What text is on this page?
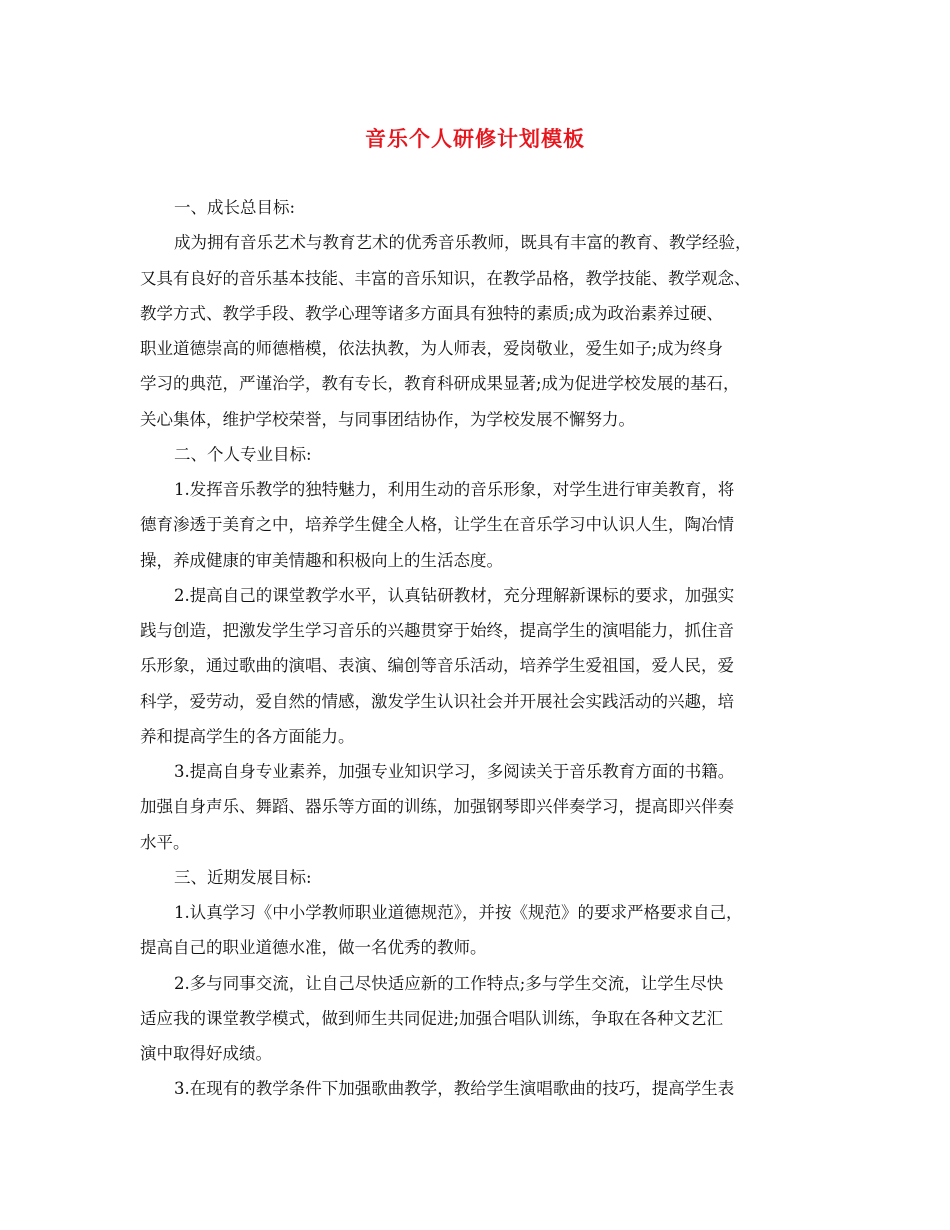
音乐个人研修计划模板
一、成长总目标:
成为拥有音乐艺术与教育艺术的优秀音乐教师，既具有丰富的教育、教学经验，
又具有良好的音乐基本技能、丰富的音乐知识，在教学品格，教学技能、教学观念、
教学方式、教学手段、教学心理等诸多方面具有独特的素质;成为政治素养过硬、
职业道德崇高的师德楷模，依法执教，为人师表，爱岗敬业，爱生如子;成为终身
学习的典范，严谨治学，教有专长，教育科研成果显著;成为促进学校发展的基石，
关心集体，维护学校荣誉，与同事团结协作，为学校发展不懈努力。
二、个人专业目标:
1.发挥音乐教学的独特魅力，利用生动的音乐形象，对学生进行审美教育，将
德育渗透于美育之中，培养学生健全人格，让学生在音乐学习中认识人生，陶冶情
操，养成健康的审美情趣和积极向上的生活态度。
2.提高自己的课堂教学水平，认真钻研教材，充分理解新课标的要求，加强实
践与创造，把激发学生学习音乐的兴趣贯穿于始终，提高学生的演唱能力，抓住音
乐形象，通过歌曲的演唱、表演、编创等音乐活动，培养学生爱祖国，爱人民，爱
科学，爱劳动，爱自然的情感，激发学生认识社会并开展社会实践活动的兴趣，培
养和提高学生的各方面能力。
3.提高自身专业素养，加强专业知识学习，多阅读关于音乐教育方面的书籍。
加强自身声乐、舞蹈、器乐等方面的训练，加强钢琴即兴伴奏学习，提高即兴伴奏
水平。
三、近期发展目标:
1.认真学习《中小学教师职业道德规范》，并按《规范》的要求严格要求自己，
提高自己的职业道德水准，做一名优秀的教师。
2.多与同事交流，让自己尽快适应新的工作特点;多与学生交流，让学生尽快
适应我的课堂教学模式，做到师生共同促进;加强合唱队训练，争取在各种文艺汇
演中取得好成绩。
3.在现有的教学条件下加强歌曲教学，教给学生演唱歌曲的技巧，提高学生表
